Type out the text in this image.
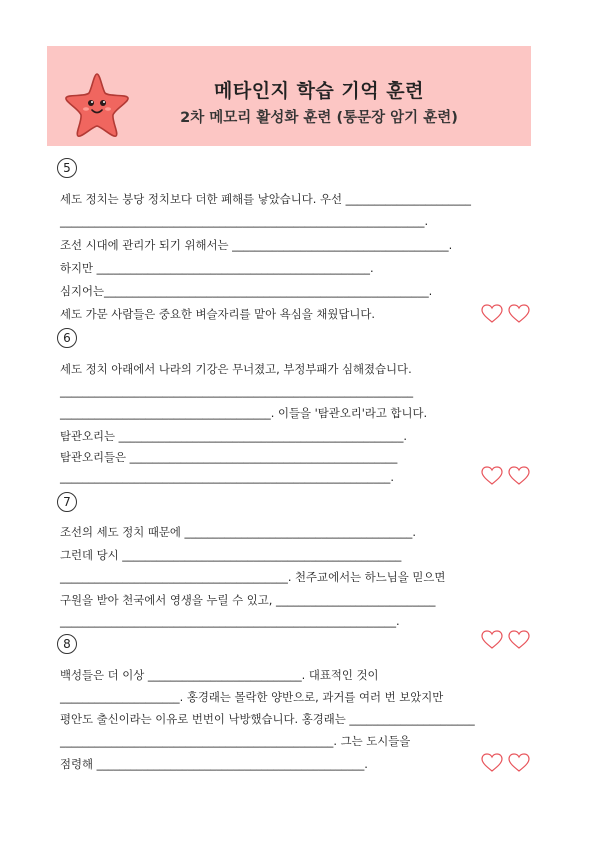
메타인지 학습 기억 훈련
2차 메모리 활성화 훈련 (통문장 암기 훈련)
5
세도 정치는 붕당 정치보다 더한 폐해를 낳았습니다. 우선 ______________________
________________________________________________________________.
조선 시대에 관리가 되기 위해서는 ______________________________________.
하지만 ________________________________________________.
심지어는_________________________________________________________.
세도 가문 사람들은 중요한 벼슬자리를 맡아 욕심을 채웠답니다.
6
세도 정치 아래에서 나라의 기강은 무너졌고, 부정부패가 심해졌습니다.
______________________________________________________________
_____________________________________. 이들을 '탐관오리'라고 합니다.
탐관오리는 __________________________________________________.
탐관오리들은 _______________________________________________
__________________________________________________________.
7
조선의 세도 정치 때문에 ________________________________________.
그런데 당시 _________________________________________________
________________________________________. 천주교에서는 하느님을 믿으면
구원을 받아 천국에서 영생을 누릴 수 있고, ____________________________
___________________________________________________________.
8
백성들은 더 이상 ___________________________. 대표적인 것이
_____________________. 홍경래는 몰락한 양반으로, 과거를 여러 번 보았지만
평안도 출신이라는 이유로 번번이 낙방했습니다. 홍경래는 ______________________
________________________________________________. 그는 도시들을
점령해 _______________________________________________.
